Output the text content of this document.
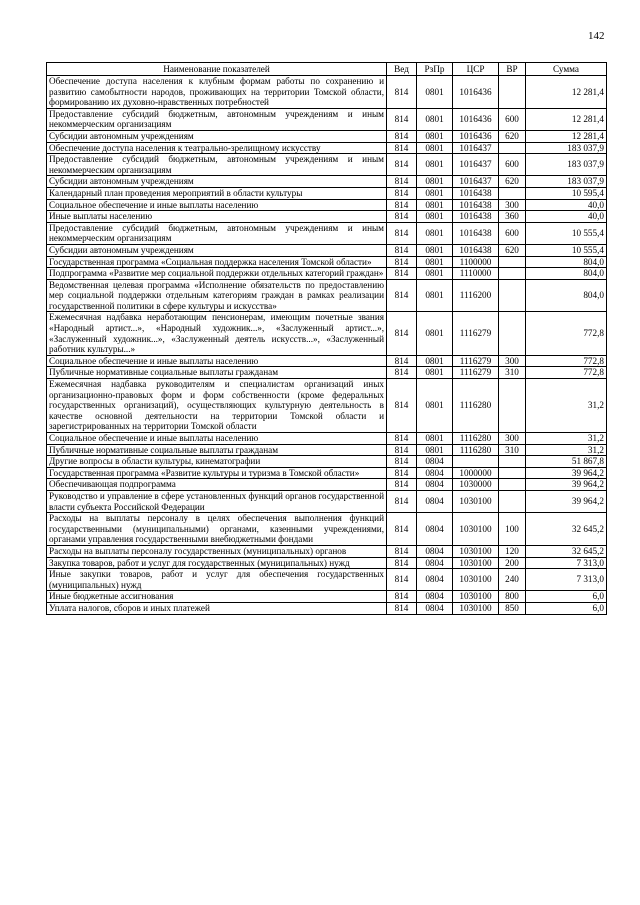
142
Наименование показателей	Вед	РзПр	ЦСР	ВР	Сумма
Обеспечение доступа населения к клубным формам работы по сохранению и развитию самобытности народов, проживающих на территории Томской области, формированию их духовно-нравственных потребностей	814	0801	1016436		12 281,4
Предоставление субсидий бюджетным, автономным учреждениям и иным некоммерческим организациям	814	0801	1016436	600	12 281,4
Субсидии автономным учреждениям	814	0801	1016436	620	12 281,4
Обеспечение доступа населения к театрально-зрелищному искусству	814	0801	1016437		183 037,9
Предоставление субсидий бюджетным, автономным учреждениям и иным некоммерческим организациям	814	0801	1016437	600	183 037,9
Субсидии автономным учреждениям	814	0801	1016437	620	183 037,9
Календарный план проведения мероприятий в области культуры	814	0801	1016438		10 595,4
Социальное обеспечение и иные выплаты населению	814	0801	1016438	300	40,0
Иные выплаты населению	814	0801	1016438	360	40,0
Предоставление субсидий бюджетным, автономным учреждениям и иным некоммерческим организациям	814	0801	1016438	600	10 555,4
Субсидии автономным учреждениям	814	0801	1016438	620	10 555,4
Государственная программа «Социальная поддержка населения Томской области»	814	0801	1100000		804,0
Подпрограмма «Развитие мер социальной поддержки отдельных категорий граждан»	814	0801	1110000		804,0
Ведомственная целевая программа «Исполнение обязательств по предоставлению мер социальной поддержки отдельным категориям граждан в рамках реализации государственной политики в сфере культуры и искусства»	814	0801	1116200		804,0
Ежемесячная надбавка неработающим пенсионерам, имеющим почетные звания «Народный артист...», «Народный художник...», «Заслуженный артист...», «Заслуженный художник...», «Заслуженный деятель искусств...», «Заслуженный работник культуры...»	814	0801	1116279		772,8
Социальное обеспечение и иные выплаты населению	814	0801	1116279	300	772,8
Публичные нормативные социальные выплаты гражданам	814	0801	1116279	310	772,8
Ежемесячная надбавка руководителям и специалистам организаций иных организационно-правовых форм и форм собственности (кроме федеральных государственных организаций), осуществляющих культурную деятельность в качестве основной деятельности на территории Томской области и зарегистрированных на территории Томской области	814	0801	1116280		31,2
Социальное обеспечение и иные выплаты населению	814	0801	1116280	300	31,2
Публичные нормативные социальные выплаты гражданам	814	0801	1116280	310	31,2
Другие вопросы в области культуры, кинематографии	814	0804			51 867,8
Государственная программа «Развитие культуры и туризма в Томской области»	814	0804	1000000		39 964,2
Обеспечивающая подпрограмма	814	0804	1030000		39 964,2
Руководство и управление в сфере установленных функций органов государственной власти субъекта Российской Федерации	814	0804	1030100		39 964,2
Расходы на выплаты персоналу в целях обеспечения выполнения функций государственными (муниципальными) органами, казенными учреждениями, органами управления государственными внебюджетными фондами	814	0804	1030100	100	32 645,2
Расходы на выплаты персоналу государственных (муниципальных) органов	814	0804	1030100	120	32 645,2
Закупка товаров, работ и услуг для государственных (муниципальных) нужд	814	0804	1030100	200	7 313,0
Иные закупки товаров, работ и услуг для обеспечения государственных (муниципальных) нужд	814	0804	1030100	240	7 313,0
Иные бюджетные ассигнования	814	0804	1030100	800	6,0
Уплата налогов, сборов и иных платежей	814	0804	1030100	850	6,0
